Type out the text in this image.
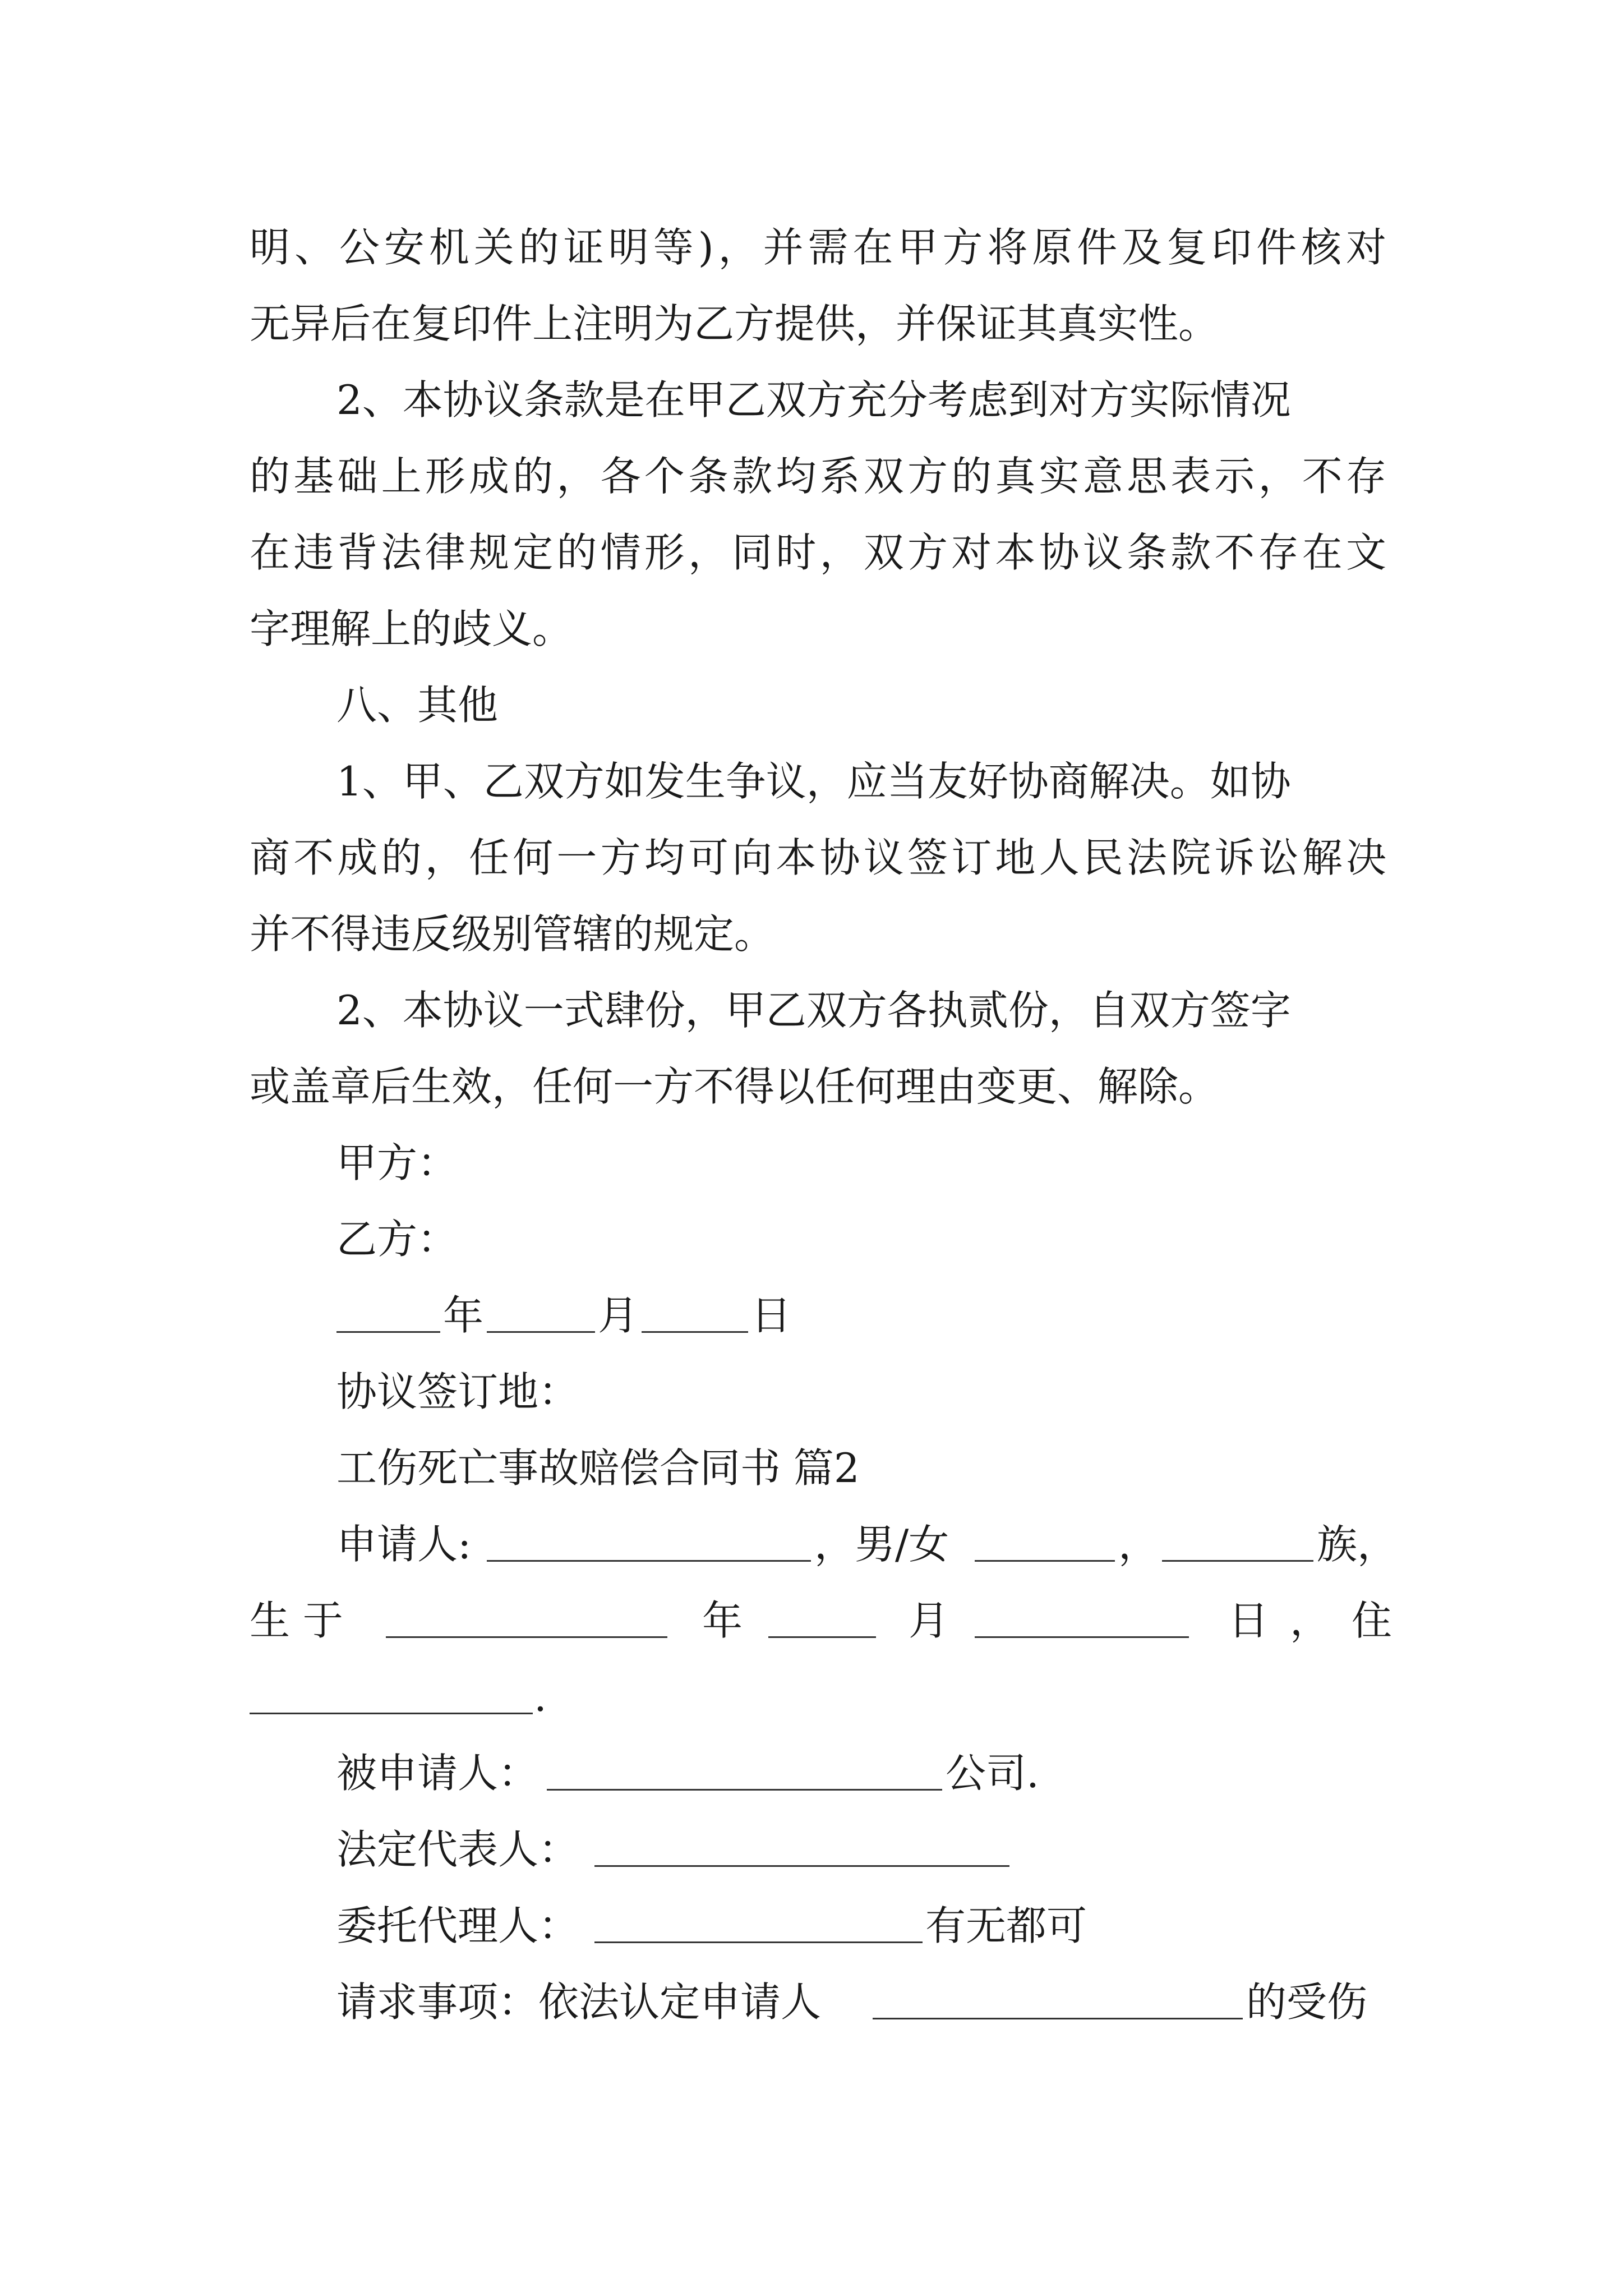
明、公安机关的证明等)，并需在甲方将原件及复印件核对
无异后在复印件上注明为乙方提供，并保证其真实性。
2、本协议条款是在甲乙双方充分考虑到对方实际情况
的基础上形成的，各个条款均系双方的真实意思表示，不存
在违背法律规定的情形，同时，双方对本协议条款不存在文
字理解上的歧义。
八、其他
1、甲、乙双方如发生争议，应当友好协商解决。如协
商不成的，任何一方均可向本协议签订地人民法院诉讼解决
并不得违反级别管辖的规定。
2、本协议一式肆份，甲乙双方各执贰份，自双方签字
或盖章后生效，任何一方不得以任何理由变更、解除。
甲方：
乙方：
年	月	日
协议签订地：
工伤死亡事故赔偿合同书 篇2
申请人:	，男/女	，	族，
生 于	年	月	日，住
.
被申请人：	公司.
法定代表人：
委托代理人：	有无都可
请求事项：依法认定申请人	的受伤
